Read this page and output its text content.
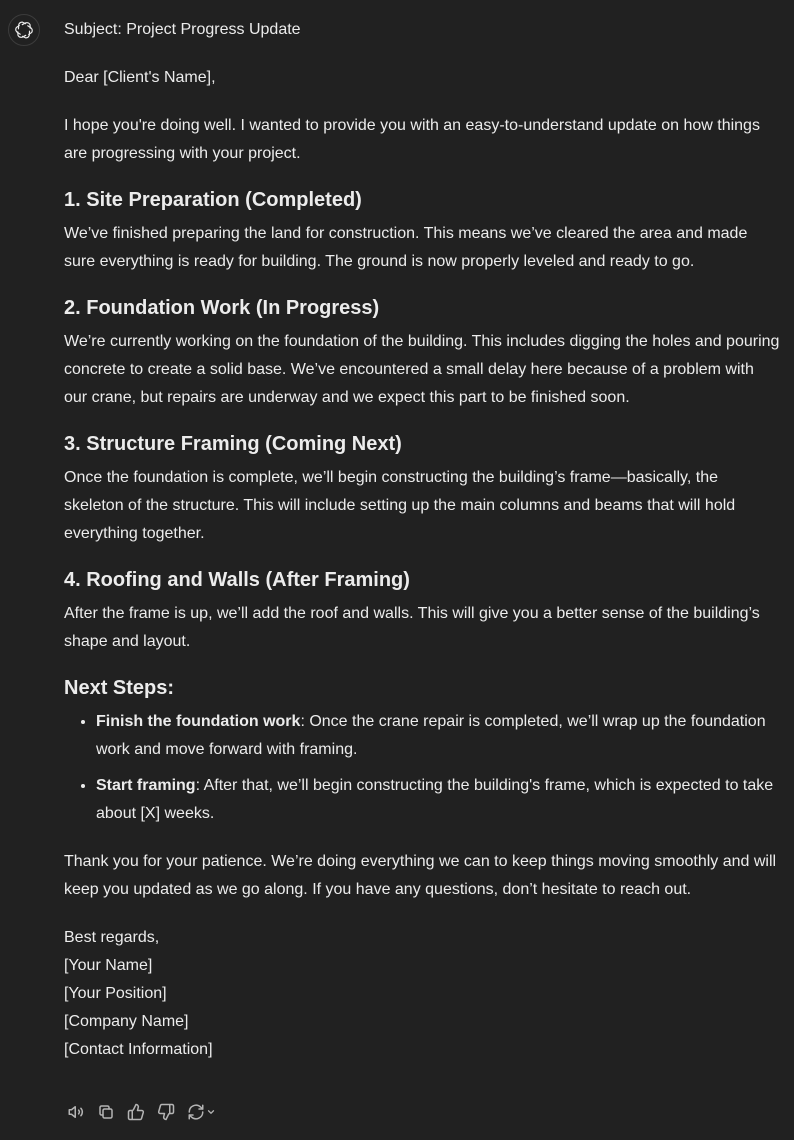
Subject: Project Progress Update

Dear [Client's Name],

I hope you're doing well. I wanted to provide you with an easy-to-understand update on how things are progressing with your project.

1. Site Preparation (Completed)

We’ve finished preparing the land for construction. This means we’ve cleared the area and made sure everything is ready for building. The ground is now properly leveled and ready to go.

2. Foundation Work (In Progress)

We’re currently working on the foundation of the building. This includes digging the holes and pouring concrete to create a solid base. We’ve encountered a small delay here because of a problem with our crane, but repairs are underway and we expect this part to be finished soon.

3. Structure Framing (Coming Next)

Once the foundation is complete, we’ll begin constructing the building’s frame—basically, the skeleton of the structure. This will include setting up the main columns and beams that will hold everything together.

4. Roofing and Walls (After Framing)

After the frame is up, we’ll add the roof and walls. This will give you a better sense of the building’s shape and layout.

Next Steps:
• Finish the foundation work: Once the crane repair is completed, we’ll wrap up the foundation work and move forward with framing.
• Start framing: After that, we’ll begin constructing the building's frame, which is expected to take about [X] weeks.

Thank you for your patience. We’re doing everything we can to keep things moving smoothly and will keep you updated as we go along. If you have any questions, don’t hesitate to reach out.

Best regards,

[Your Name]

[Your Position]

[Company Name]

[Contact Information]
